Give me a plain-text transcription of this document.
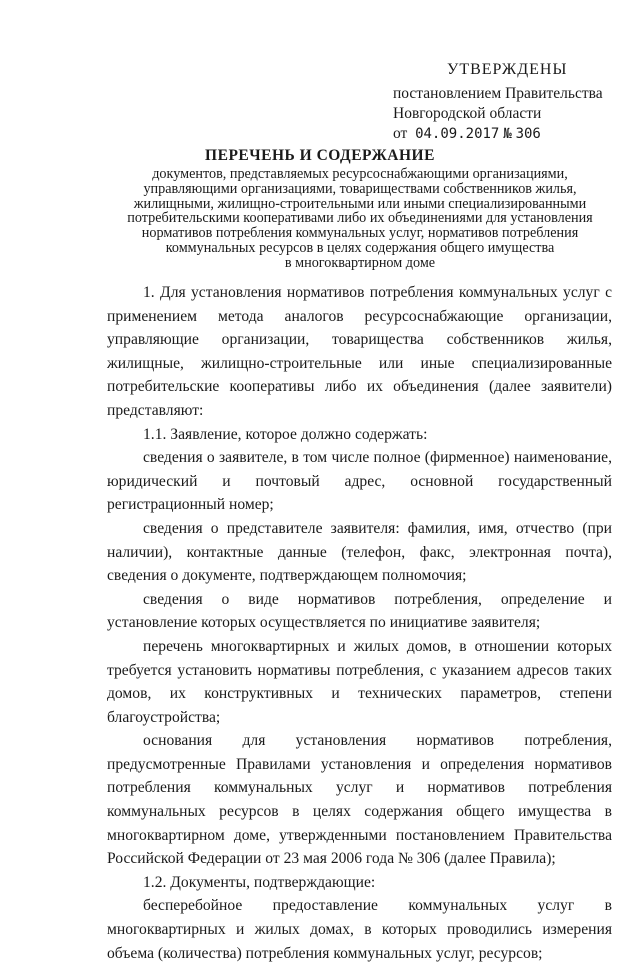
УТВЕРЖДЕНЫ
постановлением Правительства
Новгородской области
от 04.09.2017 № 306
ПЕРЕЧЕНЬ И СОДЕРЖАНИЕ
документов, представляемых ресурсоснабжающими организациями,
управляющими организациями, товариществами собственников жилья,
жилищными, жилищно-строительными или иными специализированными
потребительскими кооперативами либо их объединениями для установления
нормативов потребления коммунальных услуг, нормативов потребления
коммунальных ресурсов в целях содержания общего имущества
в многоквартирном доме

1. Для установления нормативов потребления коммунальных услуг с применением метода аналогов ресурсоснабжающие организации, управляющие организации, товарищества собственников жилья, жилищные, жилищно-строительные или иные специализированные потребительские кооперативы либо их объединения (далее заявители) представляют:

1.1. Заявление, которое должно содержать:

сведения о заявителе, в том числе полное (фирменное) наименование, юридический и почтовый адрес, основной государственный регистрационный номер;

сведения о представителе заявителя: фамилия, имя, отчество (при наличии), контактные данные (телефон, факс, электронная почта), сведения о документе, подтверждающем полномочия;

сведения о виде нормативов потребления, определение и установление которых осуществляется по инициативе заявителя;

перечень многоквартирных и жилых домов, в отношении которых требуется установить нормативы потребления, с указанием адресов таких домов, их конструктивных и технических параметров, степени благоустройства;

основания для установления нормативов потребления, предусмотренные Правилами установления и определения нормативов потребления коммунальных услуг и нормативов потребления коммунальных ресурсов в целях содержания общего имущества в многоквартирном доме, утвержденными постановлением Правительства Российской Федерации от 23 мая 2006 года № 306 (далее Правила);

1.2. Документы, подтверждающие:

бесперебойное предоставление коммунальных услуг в многоквартирных и жилых домах, в которых проводились измерения объема (количества) потребления коммунальных услуг, ресурсов;
